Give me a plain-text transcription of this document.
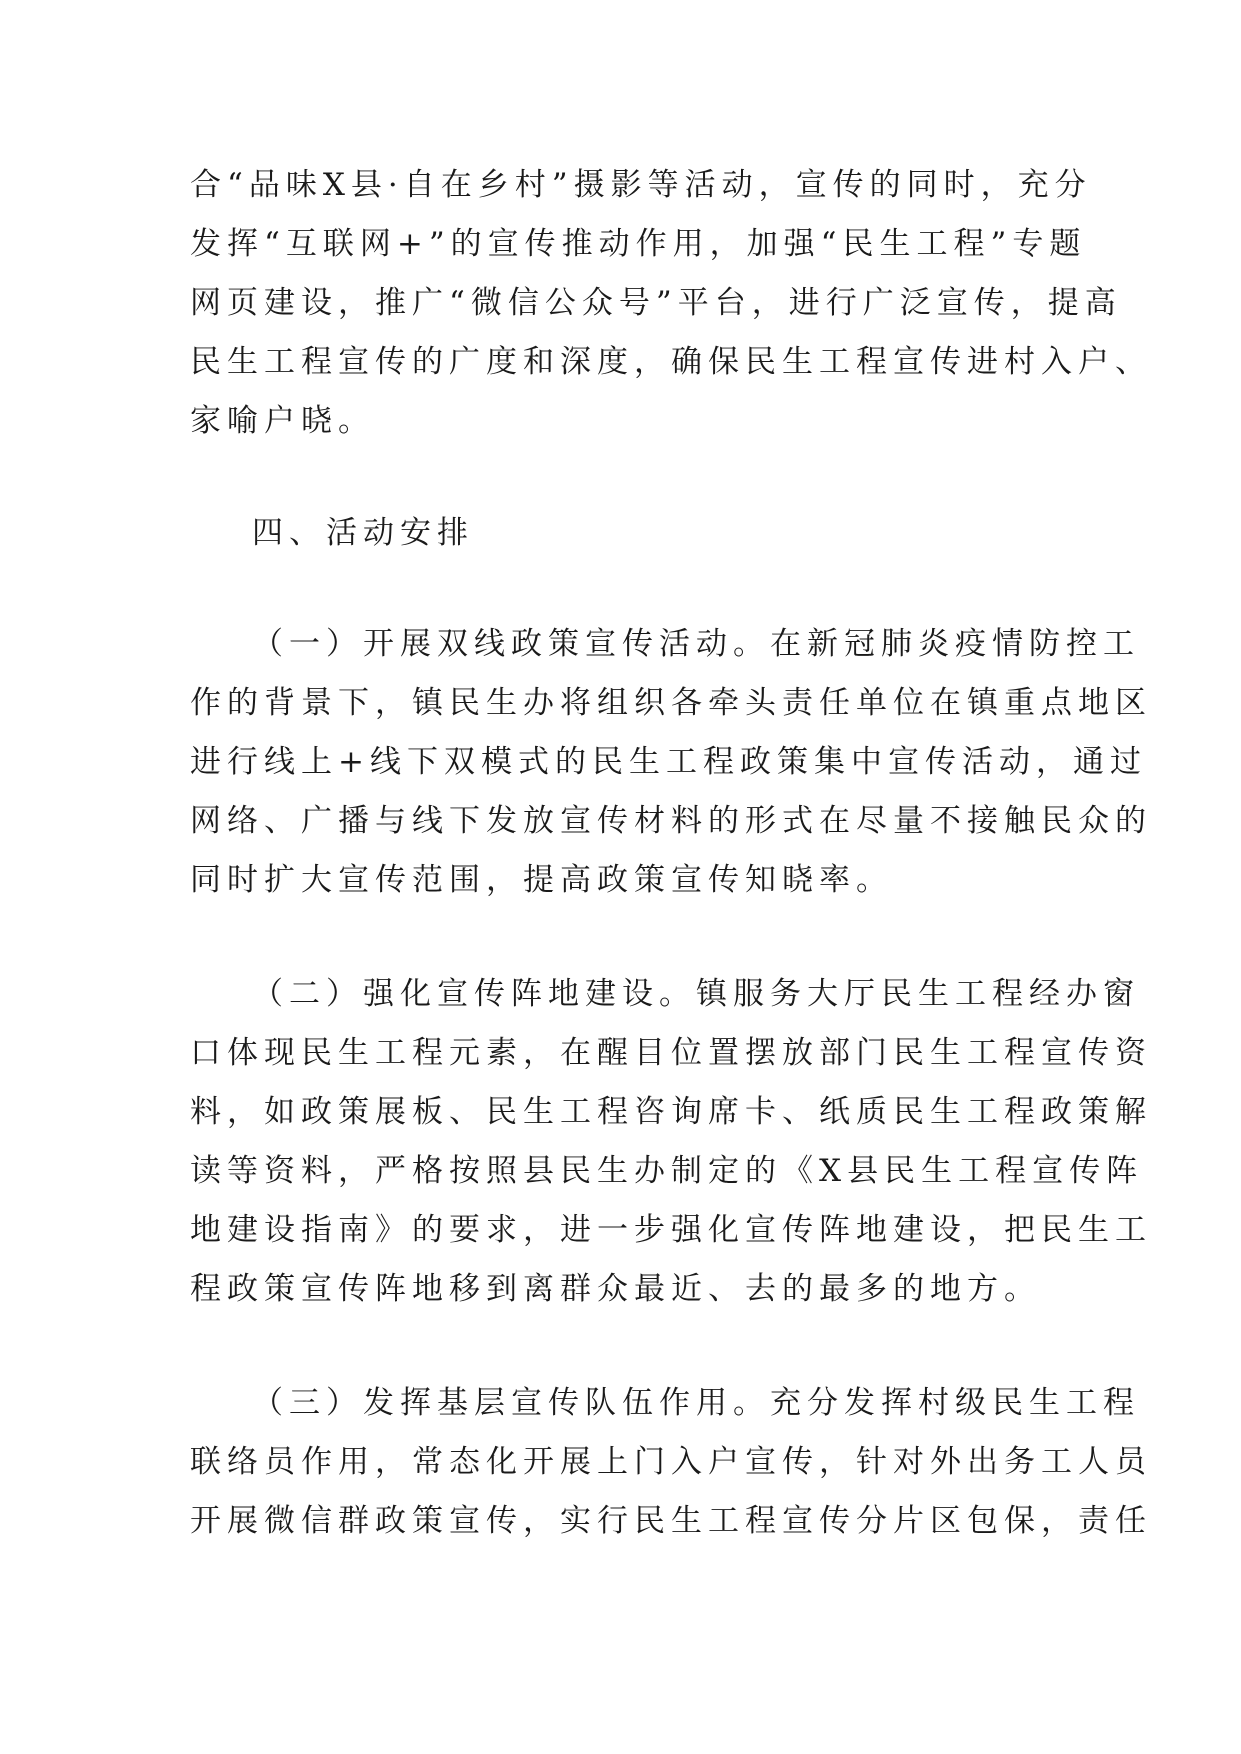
合“品味X县·自在乡村”摄影等活动，宣传的同时，充分
发挥“互联网+”的宣传推动作用，加强“民生工程”专题
网页建设，推广“微信公众号”平台，进行广泛宣传，提高
民生工程宣传的广度和深度，确保民生工程宣传进村入户、
家喻户晓。
四、活动安排
（一）开展双线政策宣传活动。在新冠肺炎疫情防控工
作的背景下，镇民生办将组织各牵头责任单位在镇重点地区
进行线上+线下双模式的民生工程政策集中宣传活动，通过
网络、广播与线下发放宣传材料的形式在尽量不接触民众的
同时扩大宣传范围，提高政策宣传知晓率。
（二）强化宣传阵地建设。镇服务大厅民生工程经办窗
口体现民生工程元素，在醒目位置摆放部门民生工程宣传资
料，如政策展板、民生工程咨询席卡、纸质民生工程政策解
读等资料，严格按照县民生办制定的《X县民生工程宣传阵
地建设指南》的要求，进一步强化宣传阵地建设，把民生工
程政策宣传阵地移到离群众最近、去的最多的地方。
（三）发挥基层宣传队伍作用。充分发挥村级民生工程
联络员作用，常态化开展上门入户宣传，针对外出务工人员
开展微信群政策宣传，实行民生工程宣传分片区包保，责任
